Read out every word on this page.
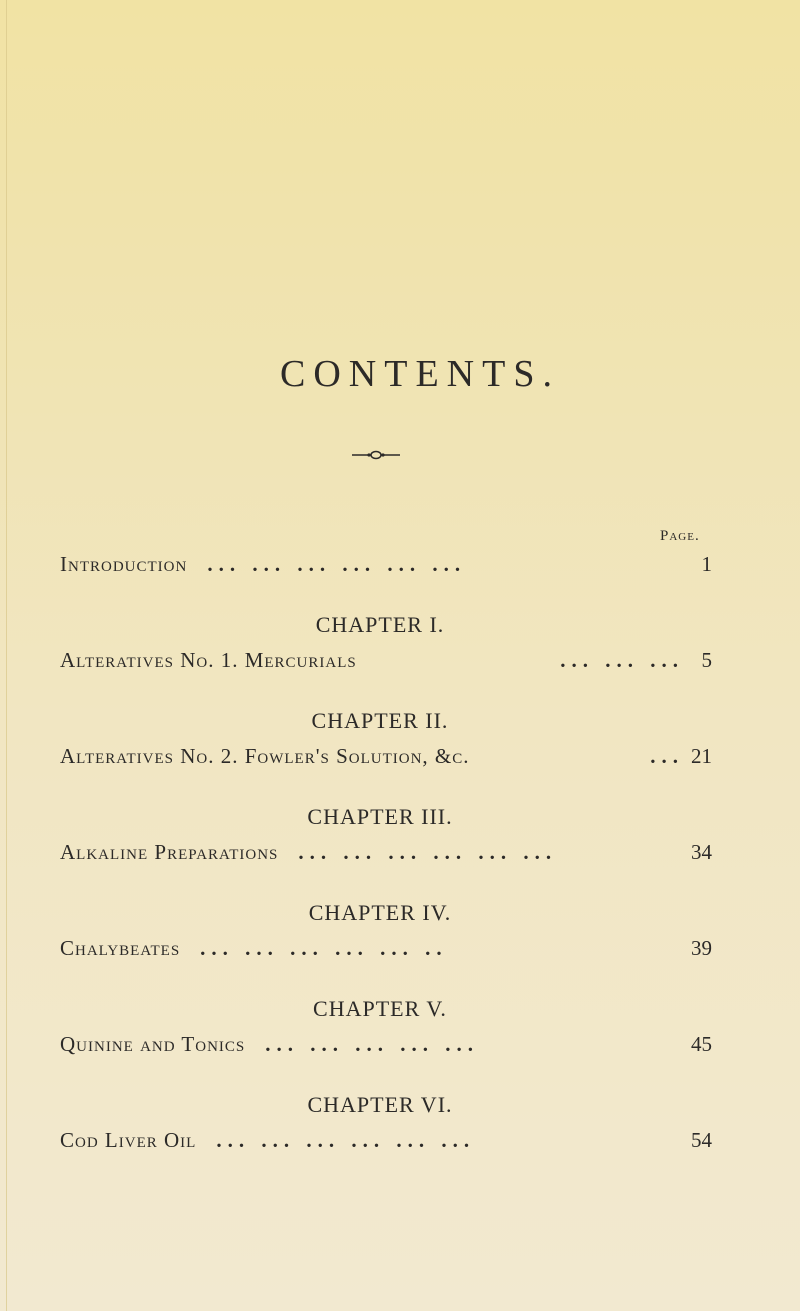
CONTENTS.
Page.
Introduction ... ... ... ... ... ...	1
CHAPTER I.
Alteratives No. 1. Mercurials	... ... ... 5
CHAPTER II.
Alteratives No. 2. Fowler's Solution, &c.	... 21
CHAPTER III.
Alkaline Preparations ... ... ... ... ... ...	34
CHAPTER IV.
Chalybeates ... ... ... ... ... ..	39
CHAPTER V.
Quinine and Tonics ... ... ... ... ...	45
CHAPTER VI.
Cod Liver Oil ... ... ... ... ... ...	54
